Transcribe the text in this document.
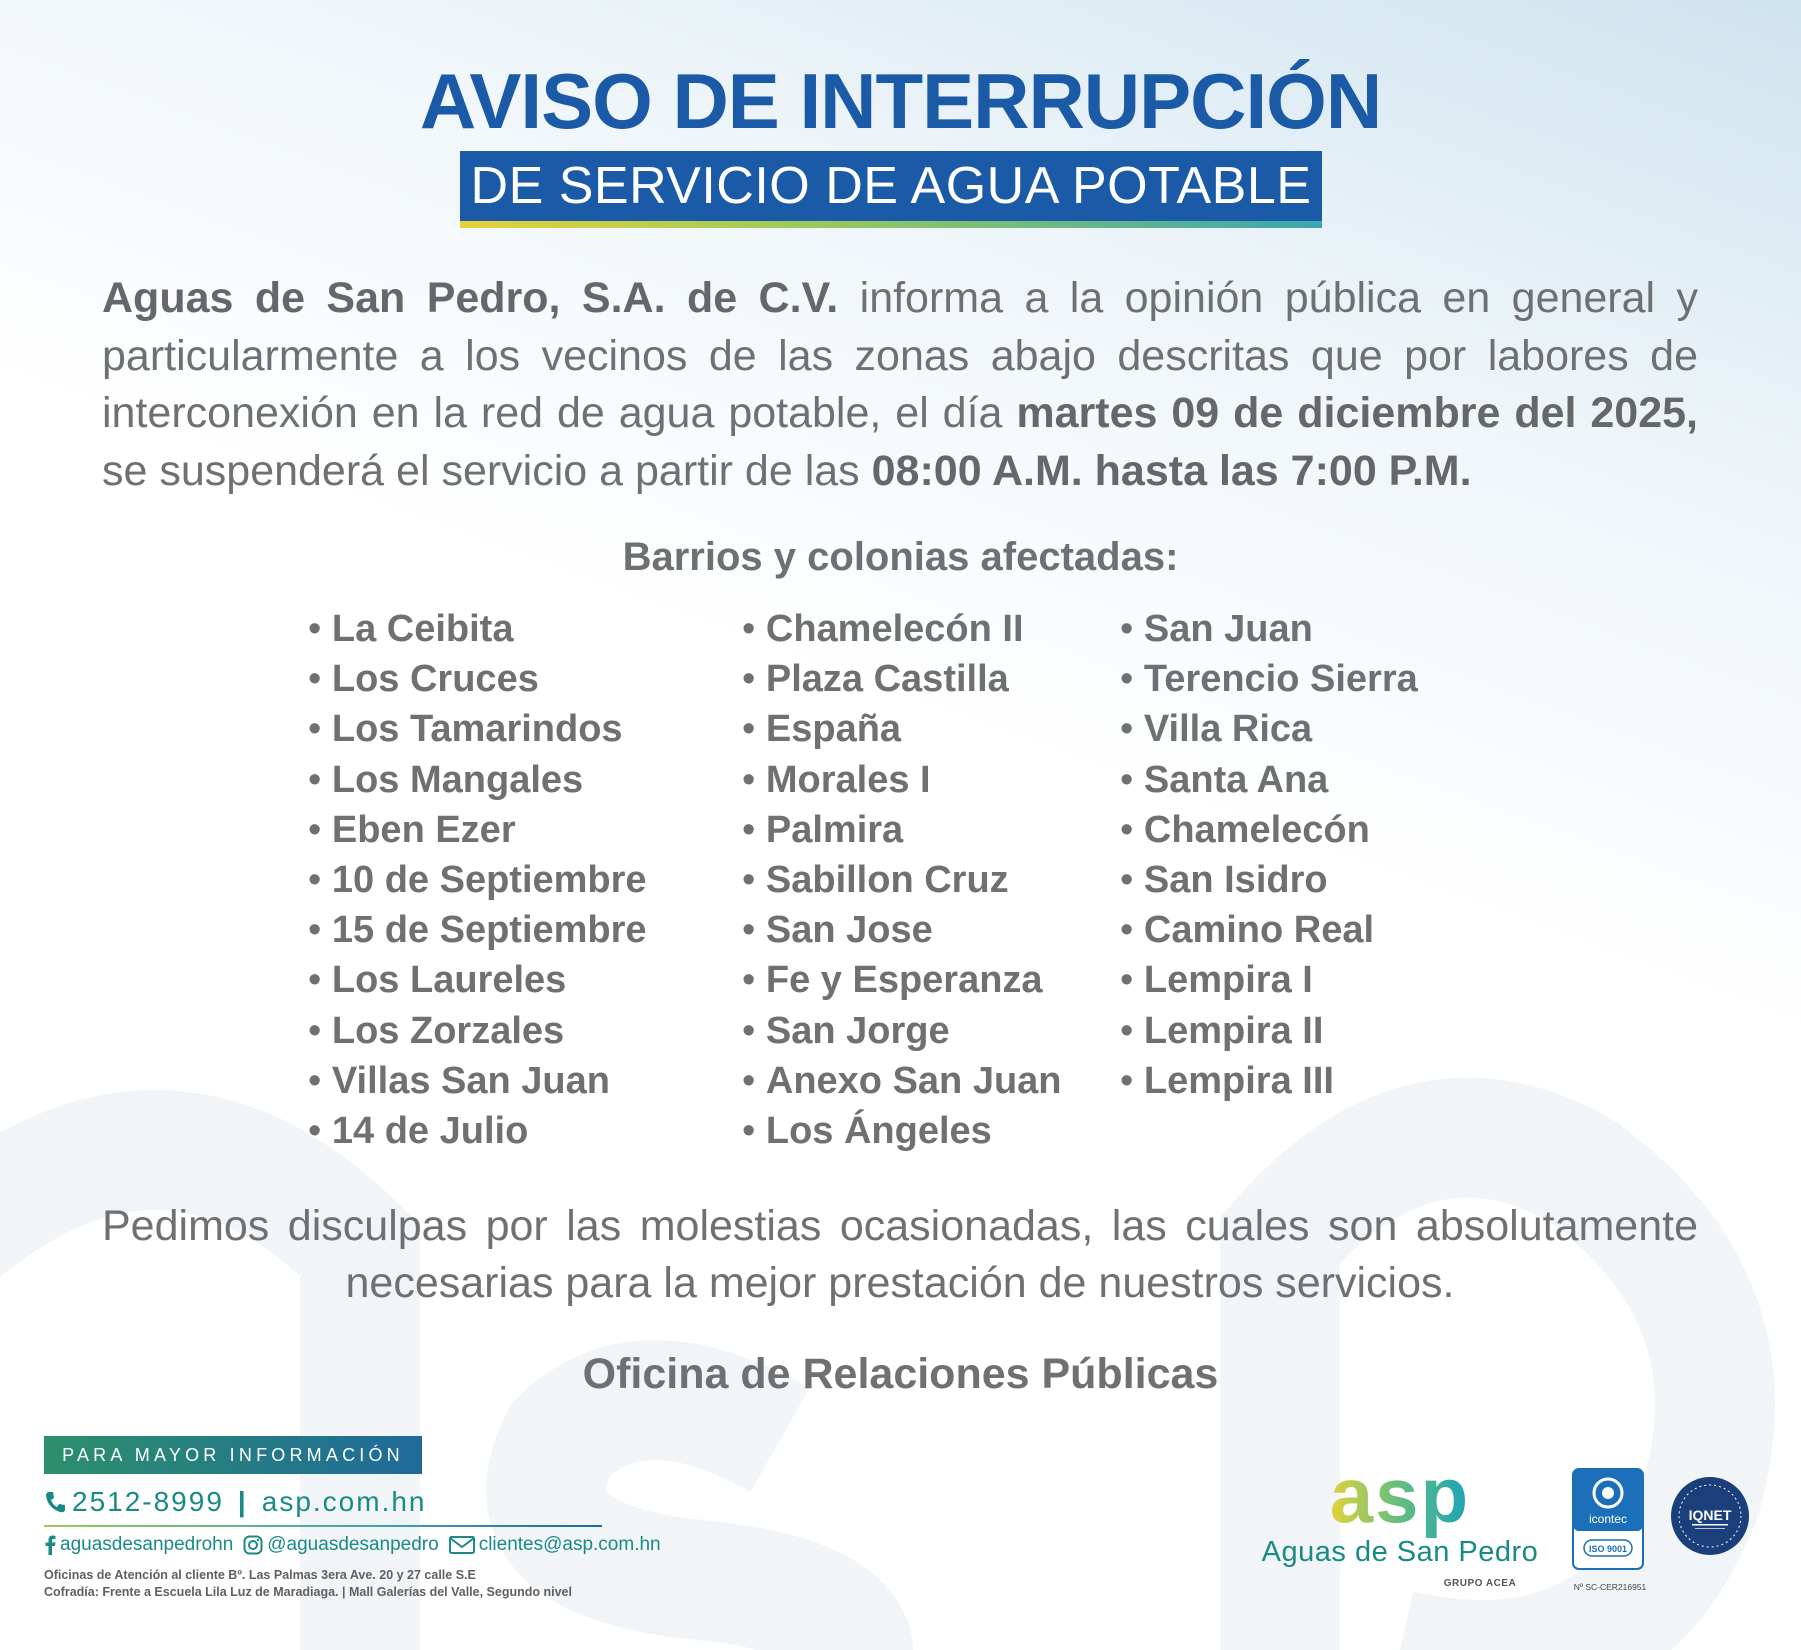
AVISO DE INTERRUPCIÓN
DE SERVICIO DE AGUA POTABLE
Aguas de San Pedro, S.A. de C.V. informa a la opinión pública en general y particularmente a los vecinos de las zonas abajo descritas que por labores de interconexión en la red de agua potable, el día martes 09 de diciembre del 2025, se suspenderá el servicio a partir de las 08:00 A.M. hasta las 7:00 P.M.
Barrios y colonias afectadas:
• La Ceibita
• Los Cruces
• Los Tamarindos
• Los Mangales
• Eben Ezer
• 10 de Septiembre
• 15 de Septiembre
• Los Laureles
• Los Zorzales
• Villas San Juan
• 14 de Julio
• Chamelecón II
• Plaza Castilla
• España
• Morales I
• Palmira
• Sabillon Cruz
• San Jose
• Fe y Esperanza
• San Jorge
• Anexo San Juan
• Los Ángeles
• San Juan
• Terencio Sierra
• Villa Rica
• Santa Ana
• Chamelecón
• San Isidro
• Camino Real
• Lempira I
• Lempira II
• Lempira III
Pedimos disculpas por las molestias ocasionadas, las cuales son absolutamente necesarias para la mejor prestación de nuestros servicios.
Oficina de Relaciones Públicas
PARA MAYOR INFORMACIÓN
2512-8999 | asp.com.hn
aguasdesanpedrohn @aguasdesanpedro clientes@asp.com.hn
Oficinas de Atención al cliente Bº. Las Palmas 3era Ave. 20 y 27 calle S.E
Cofradía: Frente a Escuela Lila Luz de Maradiaga. | Mall Galerías del Valle, Segundo nivel
asp
Aguas de San Pedro
GRUPO ACEA
icontec
ISO 9001
Nº SC-CER216951
IQNET
